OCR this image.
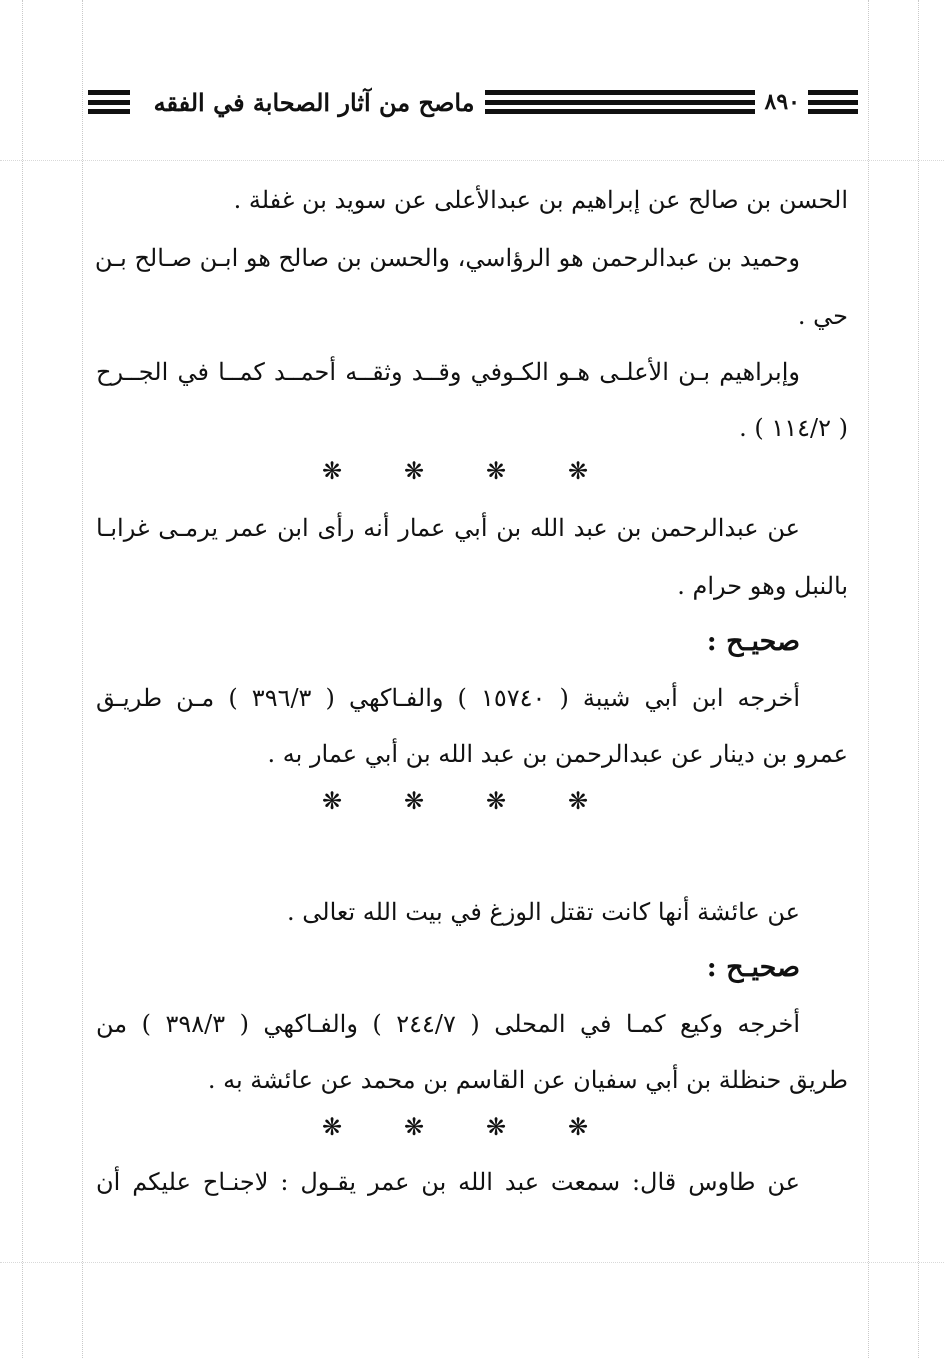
٨٩٠
ماصح من آثار الصحابة في الفقه
الحسن بن صالح عن إبراهيم بن عبدالأعلى عن سويد بن غفلة .
وحميد بن عبدالرحمن هو الرؤاسي، والحسن بن صالح هو ابـن صـالح بـن
حي .
وإبراهيم بـن الأعلـى هـو الكـوفي وقــد وثقــه أحمــد كمــا في الجــرح
( ١١٤/٢ ) .
❋
❋
❋
❋
عن عبدالرحمن بن عبد الله بن أبي عمار أنه رأى ابن عمر يرمـى غرابـا
بالنبل وهو حرام .
صحيـح :
أخرجه ابن أبي شيبة ( ١٥٧٤٠ ) والفـاكهي ( ٣٩٦/٣ ) مـن طريـق
عمرو بن دينار عن عبدالرحمن بن عبد الله بن أبي عمار به .
❋
❋
❋
❋
عن عائشة أنها كانت تقتل الوزغ في بيت الله تعالى .
صحيـح :
أخرجه وكيع كمـا في المحلى ( ٢٤٤/٧ ) والفـاكهي ( ٣٩٨/٣ ) من
طريق حنظلة بن أبي سفيان عن القاسم بن محمد عن عائشة به .
❋
❋
❋
❋
عن طاوس قال: سمعت عبد الله بن عمر يقـول : لاجنـاح عليكم أن
